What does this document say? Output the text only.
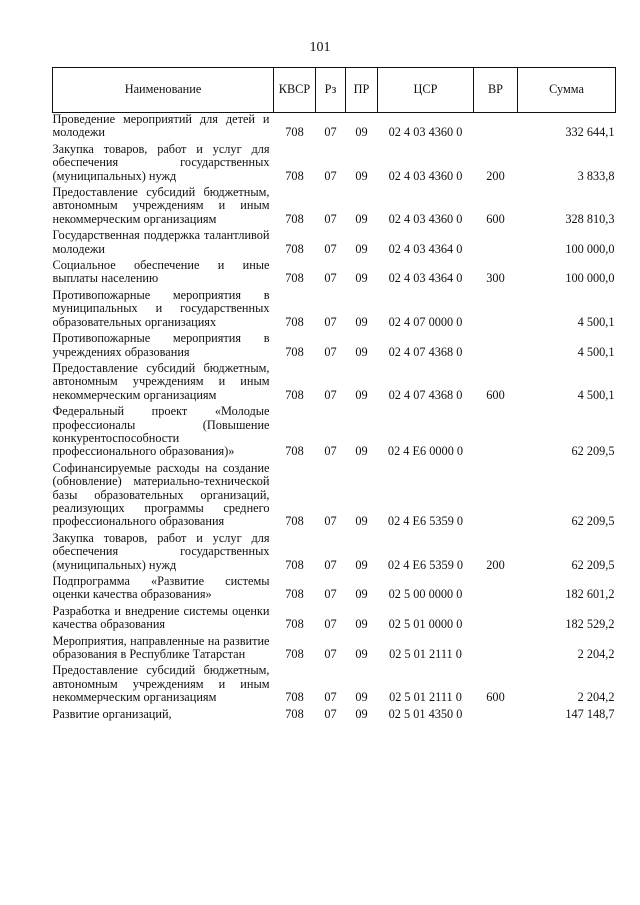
101
Наименование	КВСР	Рз	ПР	ЦСР	ВР	Сумма
Проведение мероприятий для детей и молодежи	708	07	09	02 4 03 4360 0		332 644,1
Закупка товаров, работ и услуг для обеспечения государственных (муниципальных) нужд	708	07	09	02 4 03 4360 0	200	3 833,8
Предоставление субсидий бюджетным, автономным учреждениям и иным некоммерческим организациям	708	07	09	02 4 03 4360 0	600	328 810,3
Государственная поддержка талантливой молодежи	708	07	09	02 4 03 4364 0		100 000,0
Социальное обеспечение и иные выплаты населению	708	07	09	02 4 03 4364 0	300	100 000,0
Противопожарные мероприятия в муниципальных и государственных образовательных организациях	708	07	09	02 4 07 0000 0		4 500,1
Противопожарные мероприятия в учреждениях образования	708	07	09	02 4 07 4368 0		4 500,1
Предоставление субсидий бюджетным, автономным учреждениям и иным некоммерческим организациям	708	07	09	02 4 07 4368 0	600	4 500,1
Федеральный проект «Молодые профессионалы (Повышение конкурентоспособности профессионального образования)»	708	07	09	02 4 Е6 0000 0		62 209,5
Софинансируемые расходы на создание (обновление) материально-технической базы образовательных организаций, реализующих программы среднего профессионального образования	708	07	09	02 4 Е6 5359 0		62 209,5
Закупка товаров, работ и услуг для обеспечения государственных (муниципальных) нужд	708	07	09	02 4 Е6 5359 0	200	62 209,5
Подпрограмма «Развитие системы оценки качества образования»	708	07	09	02 5 00 0000 0		182 601,2
Разработка и внедрение системы оценки качества образования	708	07	09	02 5 01 0000 0		182 529,2
Мероприятия, направленные на развитие образования в Республике Татарстан	708	07	09	02 5 01 2111 0		2 204,2
Предоставление субсидий бюджетным, автономным учреждениям и иным некоммерческим организациям	708	07	09	02 5 01 2111 0	600	2 204,2
Развитие организаций,	708	07	09	02 5 01 4350 0		147 148,7
